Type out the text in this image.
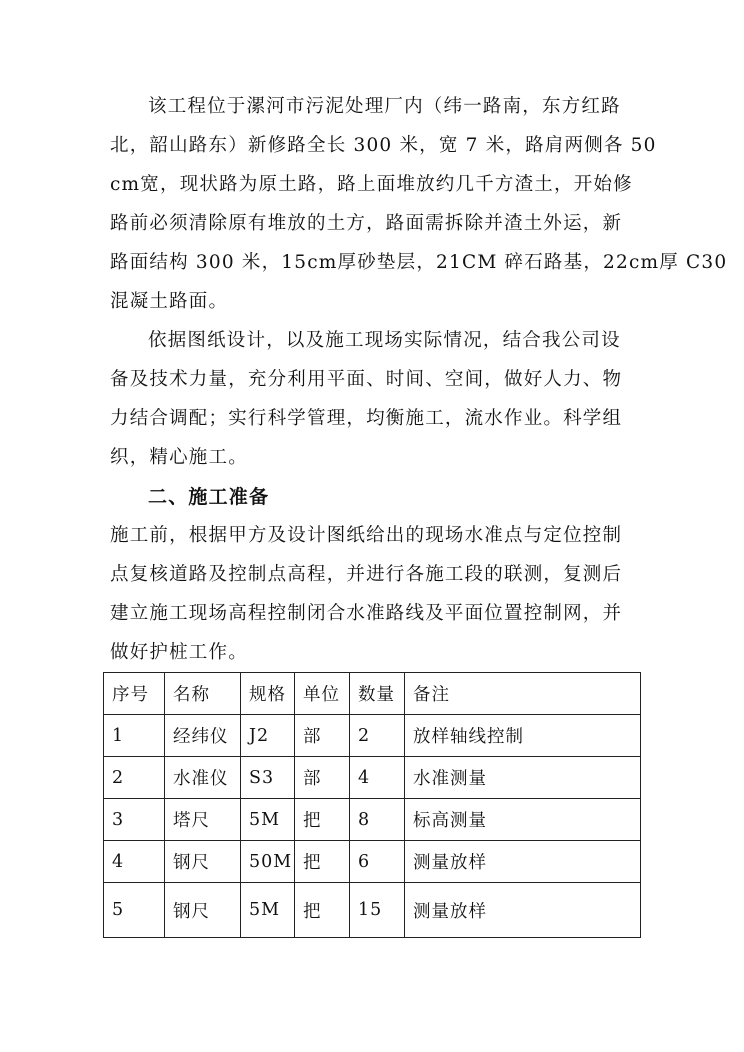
该工程位于漯河市污泥处理厂内（纬一路南，东方红路
北，韶山路东）新修路全长 300 米，宽 7 米，路肩两侧各 50
cm宽，现状路为原土路，路上面堆放约几千方渣土，开始修
路前必须清除原有堆放的土方，路面需拆除并渣土外运，新
路面结构 300 米，15cm厚砂垫层，21CM 碎石路基，22cm厚 C30
混凝土路面。
依据图纸设计，以及施工现场实际情况，结合我公司设
备及技术力量，充分利用平面、时间、空间，做好人力、物
力结合调配；实行科学管理，均衡施工，流水作业。科学组
织，精心施工。
二、施工准备
施工前，根据甲方及设计图纸给出的现场水准点与定位控制
点复核道路及控制点高程，并进行各施工段的联测，复测后
建立施工现场高程控制闭合水准路线及平面位置控制网，并
做好护桩工作。
序号	名称	规格	单位	数量	备注
1	经纬仪	J2	部	2	放样轴线控制
2	水准仪	S3	部	4	水准测量
3	塔尺	5M	把	8	标高测量
4	钢尺	50M	把	6	测量放样
5	钢尺	5M	把	15	测量放样
